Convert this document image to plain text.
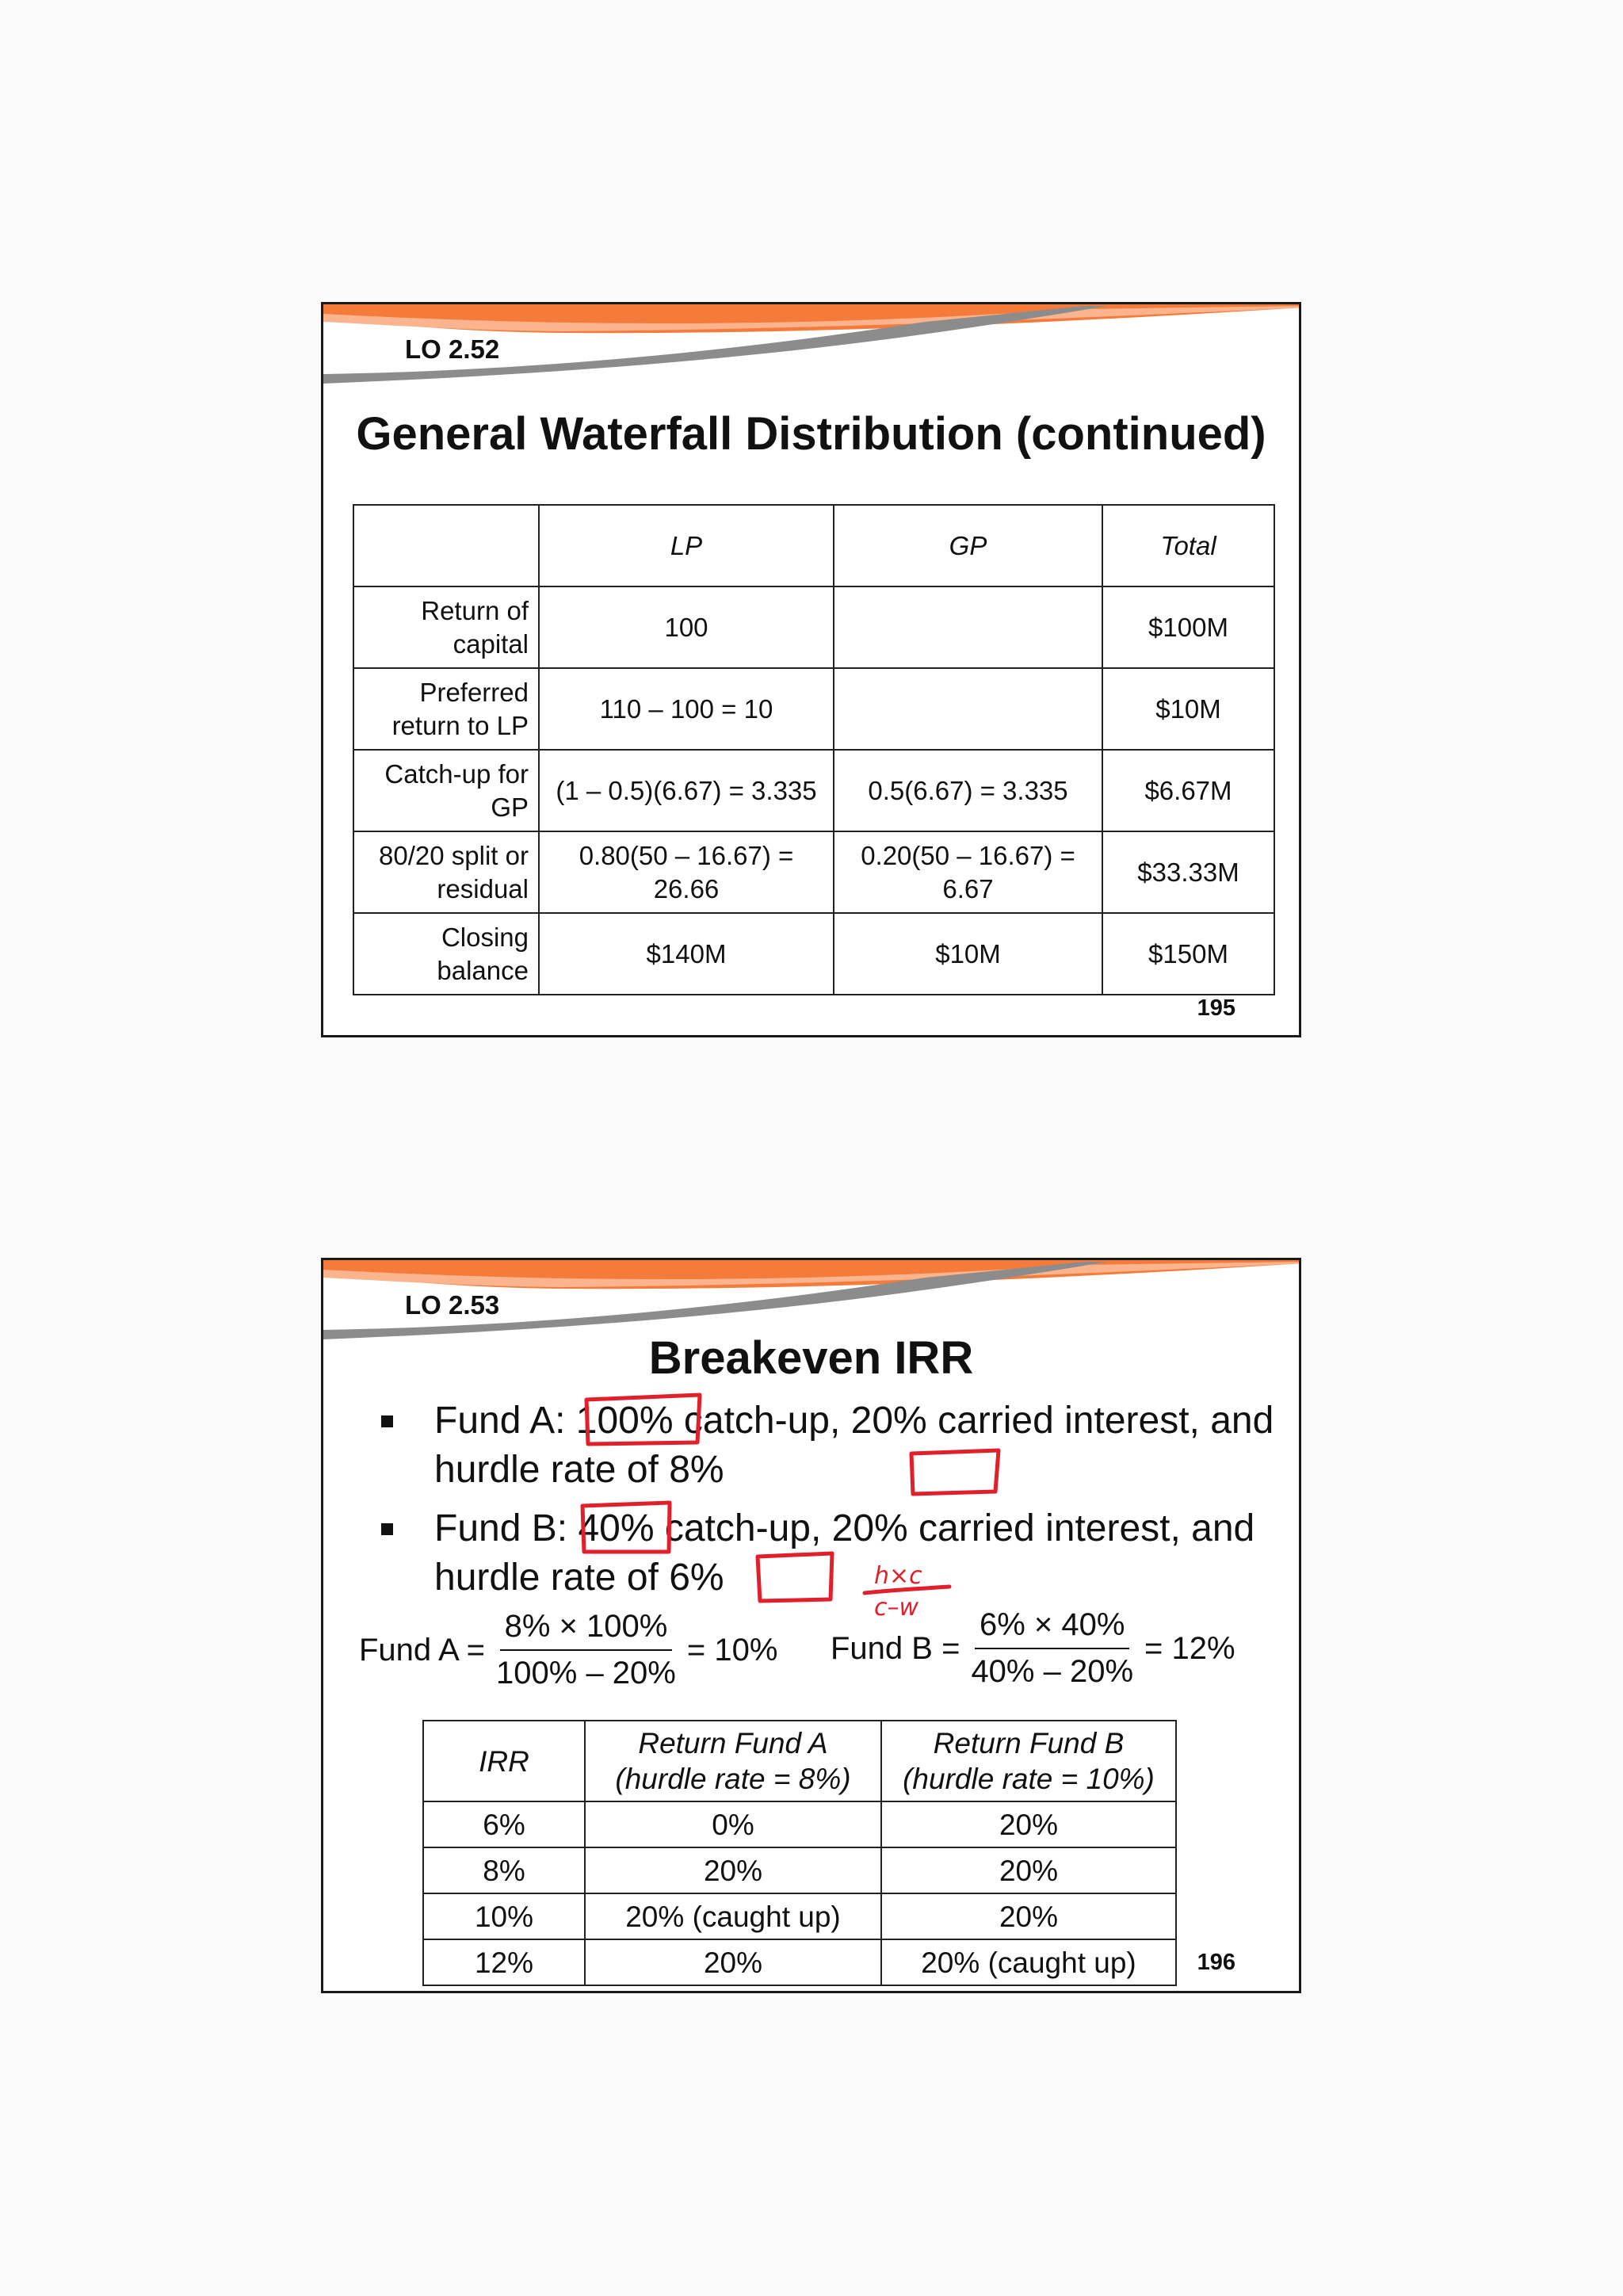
LO 2.52
General Waterfall Distribution (continued)
	LP	GP	Total
Return of capital	100		$100M
Preferred return to LP	110 – 100 = 10		$10M
Catch-up for GP	(1 – 0.5)(6.67) = 3.335	0.5(6.67) = 3.335	$6.67M
80/20 split or residual	0.80(50 – 16.67) = 26.66	0.20(50 – 16.67) = 6.67	$33.33M
Closing balance	$140M	$10M	$150M
195
LO 2.53
Breakeven IRR
Fund A: 100% catch-up, 20% carried interest, and hurdle rate of 8%
Fund B: 40% catch-up, 20% carried interest, and hurdle rate of 6%
Fund $A = \frac{8\% \times 100\%}{100\% - 20\%} = 10\%$ Fund $B = \frac{6\% \times 40\%}{40\% - 20\%} = 12\%$
IRR	Return Fund A (hurdle rate = 8%)	Return Fund B (hurdle rate = 10%)
6%	0%	20%
8%	20%	20%
10%	20% (caught up)	20%
12%	20%	20% (caught up)	196
h×c
c–w
